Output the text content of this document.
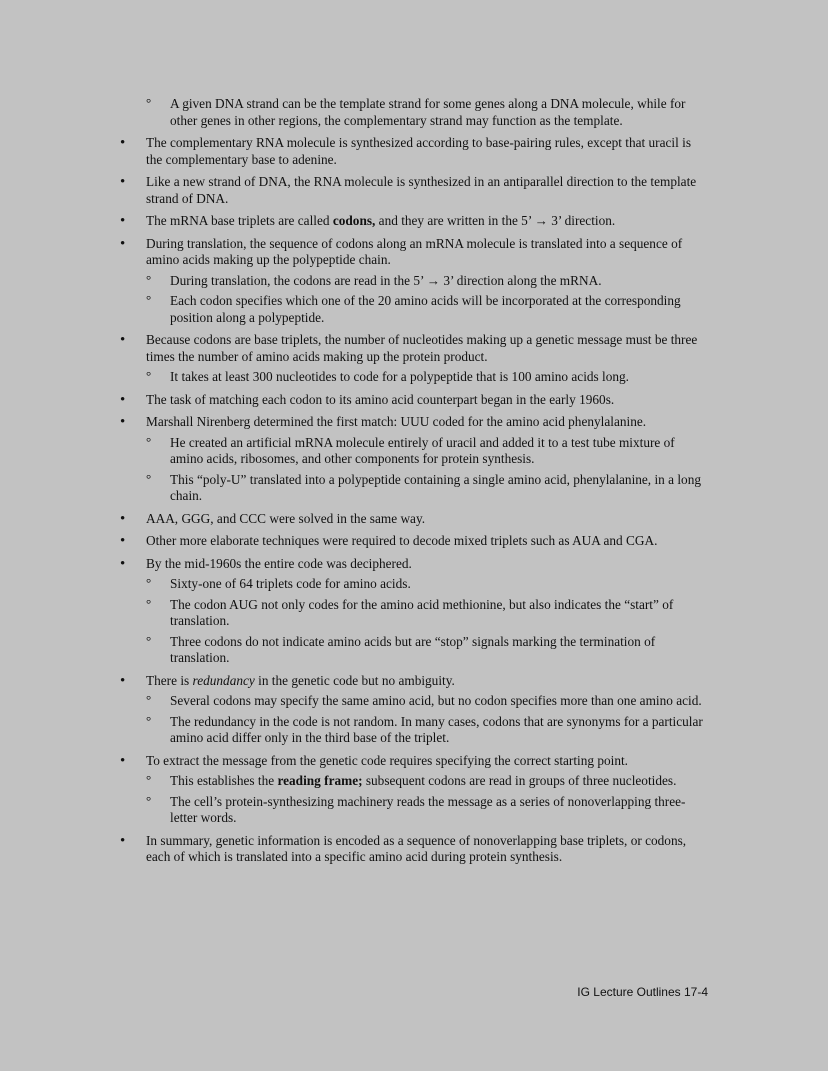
° A given DNA strand can be the template strand for some genes along a DNA molecule, while for other genes in other regions, the complementary strand may function as the template.
• The complementary RNA molecule is synthesized according to base-pairing rules, except that uracil is the complementary base to adenine.
• Like a new strand of DNA, the RNA molecule is synthesized in an antiparallel direction to the template strand of DNA.
• The mRNA base triplets are called codons, and they are written in the 5’ → 3’ direction.
• During translation, the sequence of codons along an mRNA molecule is translated into a sequence of amino acids making up the polypeptide chain.
° During translation, the codons are read in the 5’ → 3’ direction along the mRNA.
° Each codon specifies which one of the 20 amino acids will be incorporated at the corresponding position along a polypeptide.
• Because codons are base triplets, the number of nucleotides making up a genetic message must be three times the number of amino acids making up the protein product.
° It takes at least 300 nucleotides to code for a polypeptide that is 100 amino acids long.
• The task of matching each codon to its amino acid counterpart began in the early 1960s.
• Marshall Nirenberg determined the first match: UUU coded for the amino acid phenylalanine.
° He created an artificial mRNA molecule entirely of uracil and added it to a test tube mixture of amino acids, ribosomes, and other components for protein synthesis.
° This “poly-U” translated into a polypeptide containing a single amino acid, phenylalanine, in a long chain.
• AAA, GGG, and CCC were solved in the same way.
• Other more elaborate techniques were required to decode mixed triplets such as AUA and CGA.
• By the mid-1960s the entire code was deciphered.
° Sixty-one of 64 triplets code for amino acids.
° The codon AUG not only codes for the amino acid methionine, but also indicates the “start” of translation.
° Three codons do not indicate amino acids but are “stop” signals marking the termination of translation.
• There is redundancy in the genetic code but no ambiguity.
° Several codons may specify the same amino acid, but no codon specifies more than one amino acid.
° The redundancy in the code is not random. In many cases, codons that are synonyms for a particular amino acid differ only in the third base of the triplet.
• To extract the message from the genetic code requires specifying the correct starting point.
° This establishes the reading frame; subsequent codons are read in groups of three nucleotides.
° The cell’s protein-synthesizing machinery reads the message as a series of nonoverlapping three-letter words.
• In summary, genetic information is encoded as a sequence of nonoverlapping base triplets, or codons, each of which is translated into a specific amino acid during protein synthesis.
IG Lecture Outlines 17-4
